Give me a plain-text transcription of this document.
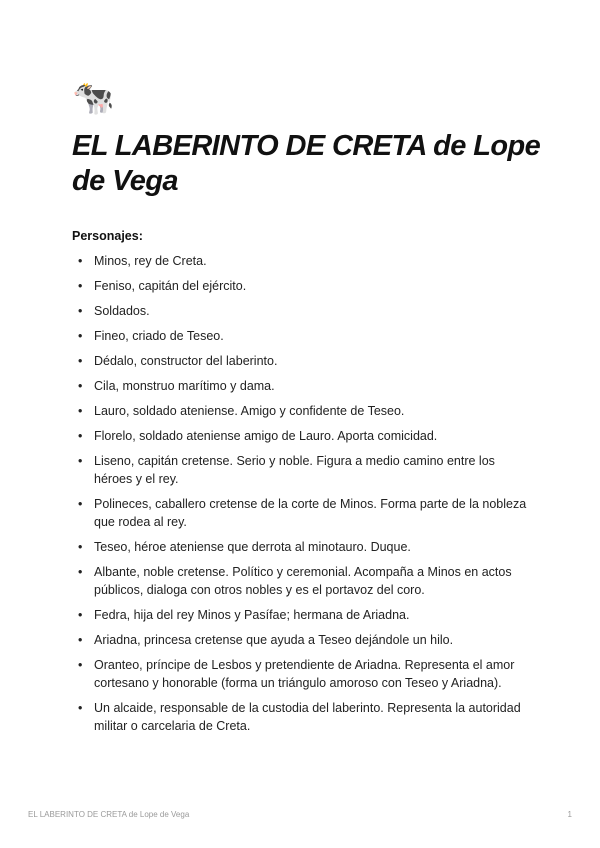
🐄
EL LABERINTO DE CRETA de Lope de Vega

Personajes:

• Minos, rey de Creta.
• Feniso, capitán del ejército.
• Soldados.
• Fineo, criado de Teseo.
• Dédalo, constructor del laberinto.
• Cila, monstruo marítimo y dama.
• Lauro, soldado ateniense. Amigo y confidente de Teseo.
• Florelo, soldado ateniense amigo de Lauro. Aporta comicidad.
• Liseno, capitán cretense. Serio y noble. Figura a medio camino entre los héroes y el rey.
• Polineces, caballero cretense de la corte de Minos. Forma parte de la nobleza que rodea al rey.
• Teseo, héroe ateniense que derrota al minotauro. Duque.
• Albante, noble cretense. Político y ceremonial. Acompaña a Minos en actos públicos, dialoga con otros nobles y es el portavoz del coro.
• Fedra, hija del rey Minos y Pasífae; hermana de Ariadna.
• Ariadna, princesa cretense que ayuda a Teseo dejándole un hilo.
• Oranteo, príncipe de Lesbos y pretendiente de Ariadna. Representa el amor cortesano y honorable (forma un triángulo amoroso con Teseo y Ariadna).
• Un alcaide, responsable de la custodia del laberinto. Representa la autoridad militar o carcelaria de Creta.
EL LABERINTO DE CRETA de Lope de Vega	1
